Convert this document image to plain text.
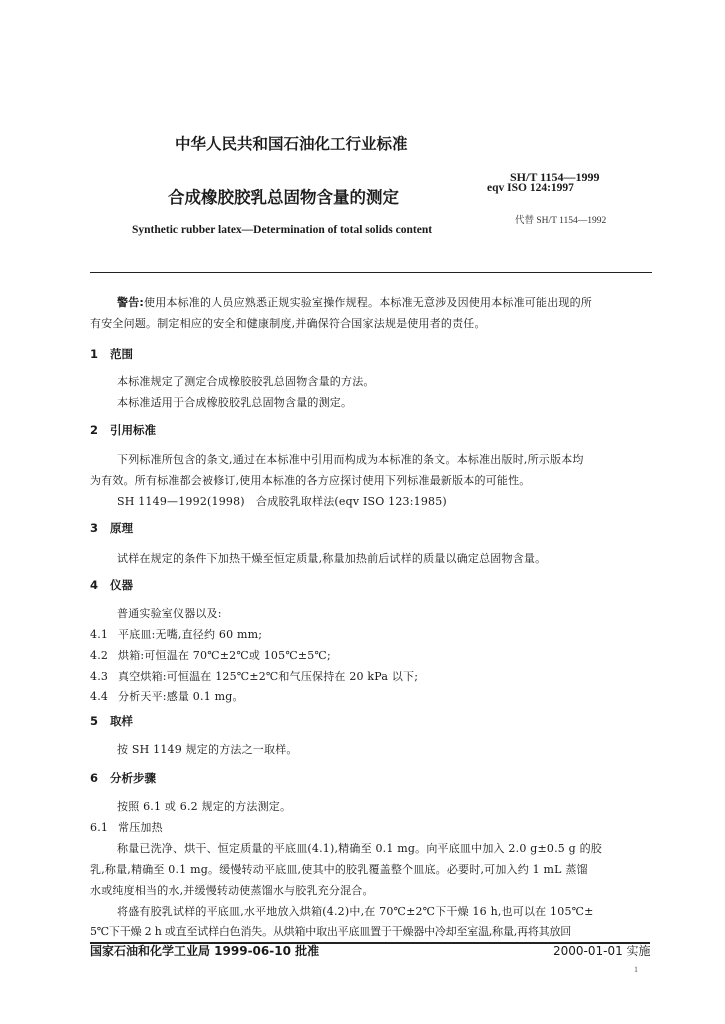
中华人民共和国石油化工行业标准
SH/T 1154—1999
eqv ISO 124:1997
合成橡胶胶乳总固物含量的测定
代替 SH/T 1154—1992
Synthetic rubber latex—Determination of total solids content
警告:使用本标准的人员应熟悉正规实验室操作规程。本标准无意涉及因使用本标准可能出现的所
有安全问题。制定相应的安全和健康制度,并确保符合国家法规是使用者的责任。
1 范围
本标准规定了测定合成橡胶胶乳总固物含量的方法。
本标准适用于合成橡胶胶乳总固物含量的测定。
2 引用标准
下列标准所包含的条文,通过在本标准中引用而构成为本标准的条文。本标准出版时,所示版本均
为有效。所有标准都会被修订,使用本标准的各方应探讨使用下列标准最新版本的可能性。
SH 1149—1992(1998)　合成胶乳取样法(eqv ISO 123:1985)
3 原理
试样在规定的条件下加热干燥至恒定质量,称量加热前后试样的质量以确定总固物含量。
4 仪器
普通实验室仪器以及:
4.1 平底皿:无嘴,直径约 60 mm;
4.2 烘箱:可恒温在 70℃±2℃或 105℃±5℃;
4.3 真空烘箱:可恒温在 125℃±2℃和气压保持在 20 kPa 以下;
4.4 分析天平:感量 0.1 mg。
5 取样
按 SH 1149 规定的方法之一取样。
6 分析步骤
按照 6.1 或 6.2 规定的方法测定。
6.1 常压加热
称量已洗净、烘干、恒定质量的平底皿(4.1),精确至 0.1 mg。向平底皿中加入 2.0 g±0.5 g 的胶
乳,称量,精确至 0.1 mg。缓慢转动平底皿,使其中的胶乳覆盖整个皿底。必要时,可加入约 1 mL 蒸馏
水或纯度相当的水,并缓慢转动使蒸馏水与胶乳充分混合。
将盛有胶乳试样的平底皿,水平地放入烘箱(4.2)中,在 70℃±2℃下干燥 16 h,也可以在 105℃±
5℃下干燥 2 h 或直至试样白色消失。从烘箱中取出平底皿置于干燥器中冷却至室温,称量,再将其放回
国家石油和化学工业局 1999-06-10 批准	2000-01-01 实施
1
